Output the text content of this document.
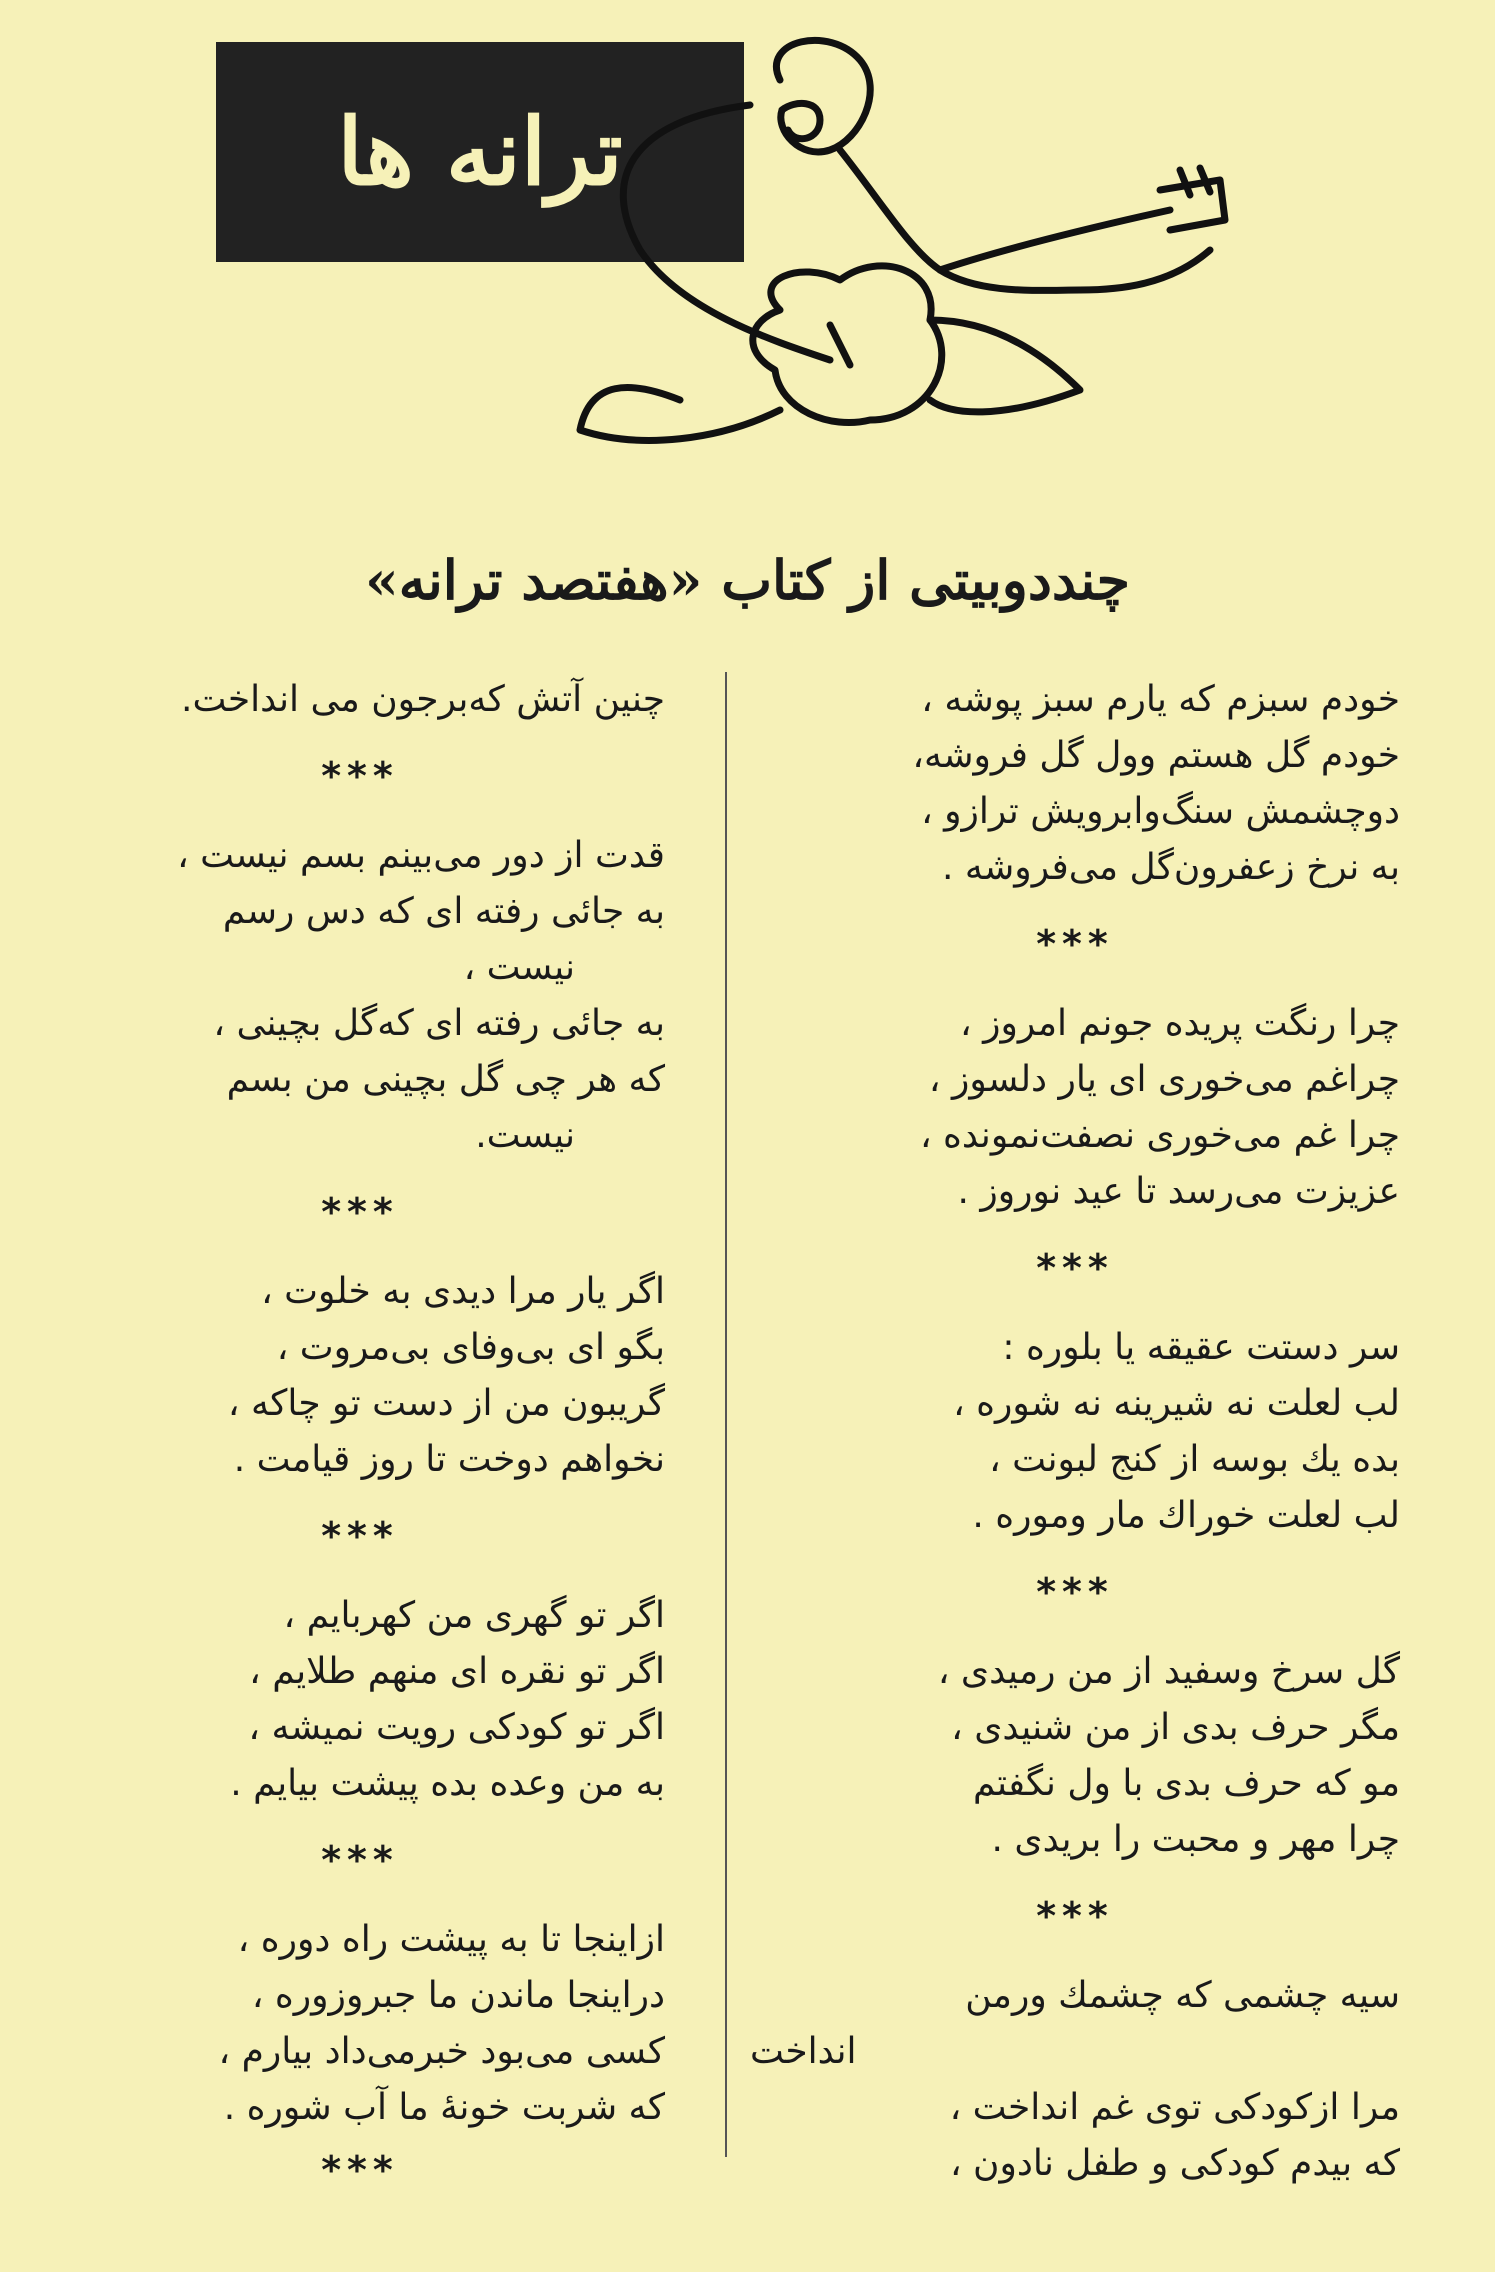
ترانه ها
چنددوبیتی از کتاب «هفتصد ترانه»
خودم سبزم که یارم سبز پوشه ،
خودم گل هستم وول گل فروشه،
دوچشمش سنگ‌وابرویش ترازو ،
به نرخ زعفرون‌گل می‌فروشه .
***
چرا رنگت پریده جونم امروز ،
چراغم می‌خوری ای یار دلسوز ،
چرا غم می‌خوری نصفت‌نمونده ،
عزیزت می‌رسد تا عید نوروز .
***
سر دستت عقیقه یا بلوره :
لب لعلت نه شیرینه نه شوره ،
بده يك بوسه از کنج لبونت ،
لب لعلت خوراك مار وموره .
***
گل سرخ وسفید از من رمیدی ،
مگر حرف بدی از من شنیدی ،
مو که حرف بدی با ول نگفتم
چرا مهر و محبت را بریدی .
***
سیه چشمی که چشمك ورمن
انداخت
مرا ازکودکی توی غم انداخت ،
که بیدم کودکی و طفل نادون ،
چنین آتش که‌برجون می انداخت.
***
قدت از دور می‌بینم بسم نیست ،
به جائی رفته ای که دس رسم
نیست ،
به جائی رفته ای که‌گل بچینی ،
که هر چی گل بچینی من بسم
نیست.
***
اگر یار مرا دیدی به خلوت ،
بگو ای بی‌وفای بی‌مروت ،
گریبون من از دست تو چاکه ،
نخواهم دوخت تا روز قیامت .
***
اگر تو گهری من کهربایم ،
اگر تو نقره ای منهم طلایم ،
اگر تو کودکی رویت نمیشه ،
به من وعده بده پیشت بیایم .
***
ازاینجا تا به پیشت راه دوره ،
دراینجا ماندن ما جبروزوره ،
کسی می‌بود خبرمی‌داد بیارم ،
که شربت خونهٔ ما آب شوره .
***
